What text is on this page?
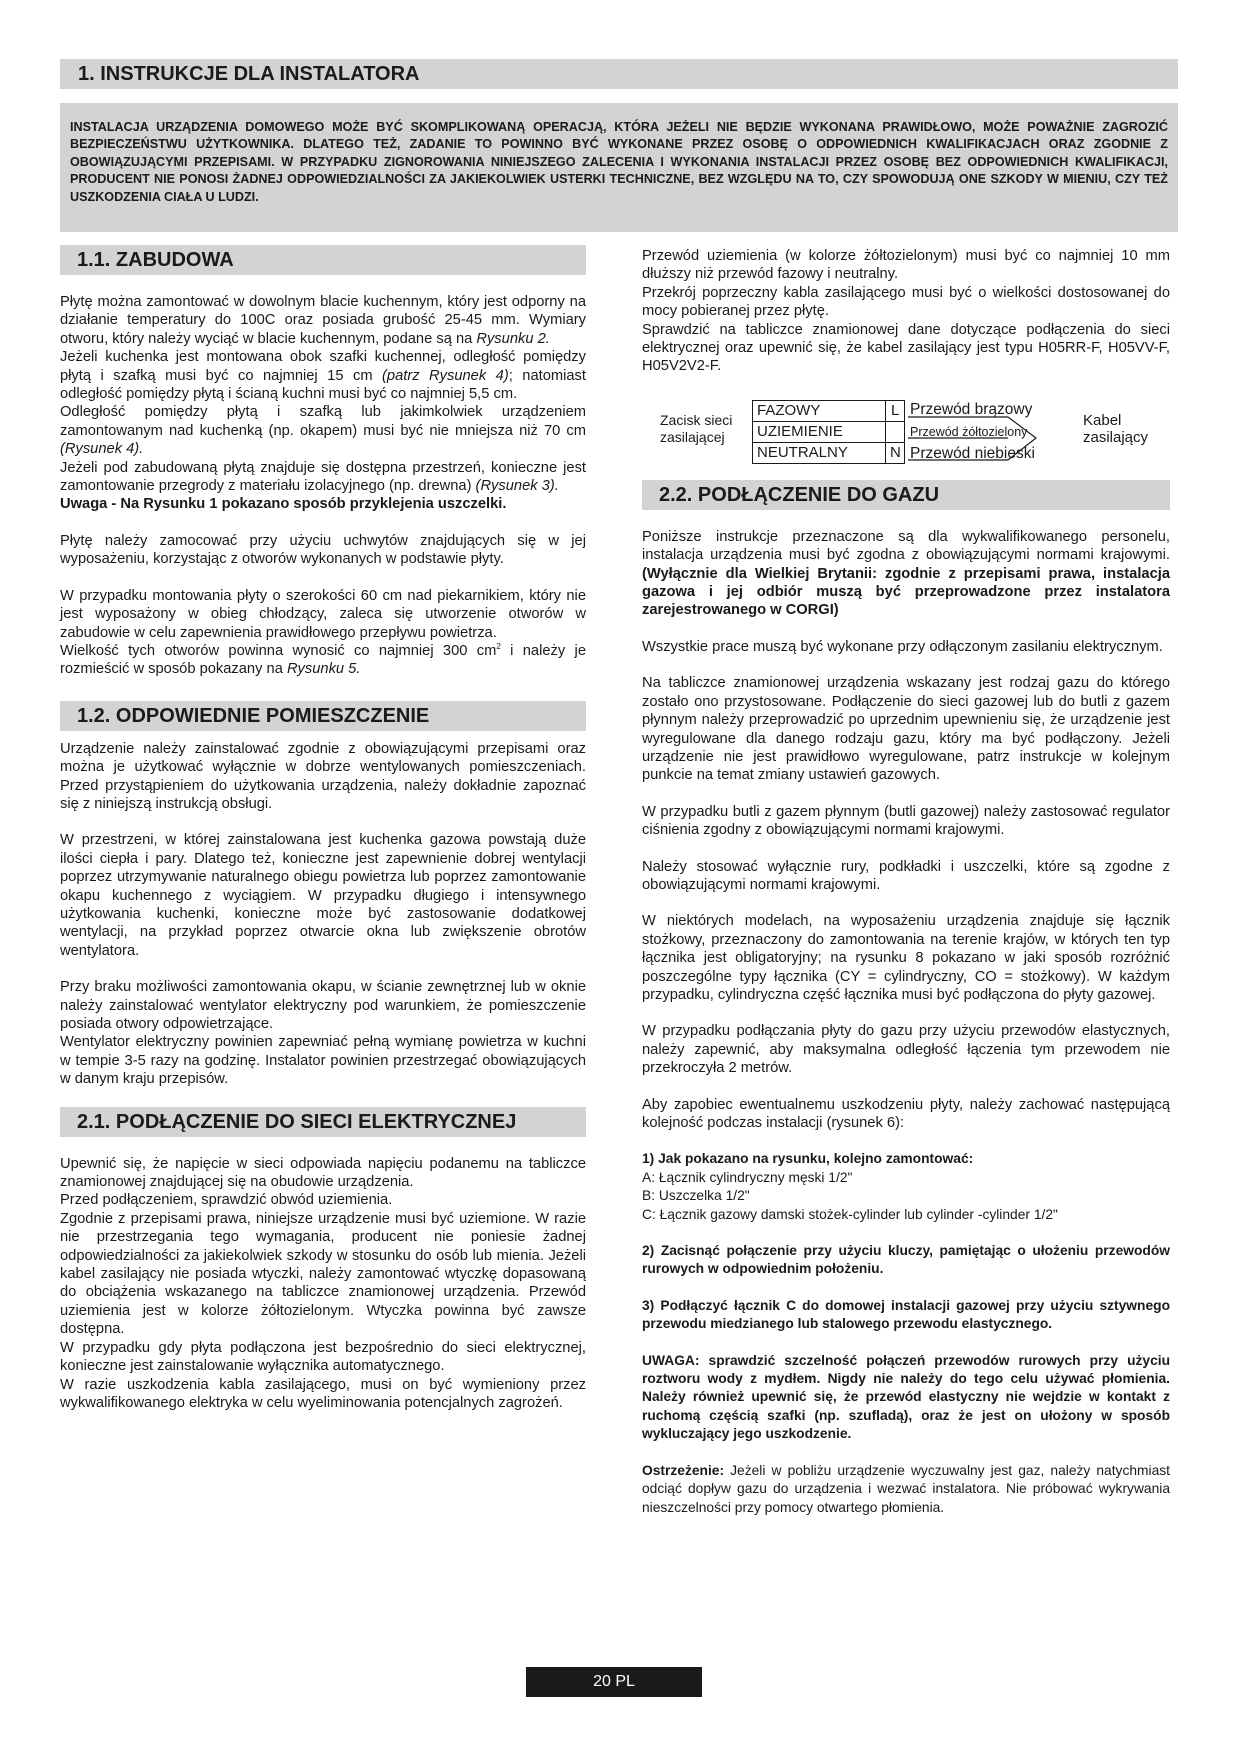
1. INSTRUKCJE DLA INSTALATORA
INSTALACJA URZĄDZENIA DOMOWEGO MOŻE BYĆ SKOMPLIKOWANĄ OPERACJĄ, KTÓRA JEŻELI NIE BĘDZIE WYKONANA PRAWIDŁOWO, MOŻE POWAŻNIE ZAGROZIĆ BEZPIECZEŃSTWU UŻYTKOWNIKA. DLATEGO TEŻ, ZADANIE TO POWINNO BYĆ WYKONANE PRZEZ OSOBĘ O ODPOWIEDNICH KWALIFIKACJACH ORAZ ZGODNIE Z OBOWIĄZUJĄCYMI PRZEPISAMI. W PRZYPADKU ZIGNOROWANIA NINIEJSZEGO ZALECENIA I WYKONANIA INSTALACJI PRZEZ OSOBĘ BEZ ODPOWIEDNICH KWALIFIKACJI, PRODUCENT NIE PONOSI ŻADNEJ ODPOWIEDZIALNOŚCI ZA JAKIEKOLWIEK USTERKI TECHNICZNE, BEZ WZGLĘDU NA TO, CZY SPOWODUJĄ ONE SZKODY W MIENIU, CZY TEŻ USZKODZENIA CIAŁA U LUDZI.
1.1. ZABUDOWA

Płytę można zamontować w dowolnym blacie kuchennym, który jest odporny na działanie temperatury do 100C oraz posiada grubość 25-45 mm. Wymiary otworu, który należy wyciąć w blacie kuchennym, podane są na Rysunku 2.

Jeżeli kuchenka jest montowana obok szafki kuchennej, odległość pomiędzy płytą i szafką musi być co najmniej 15 cm (patrz Rysunek 4); natomiast odległość pomiędzy płytą i ścianą kuchni musi być co najmniej 5,5 cm.

Odległość pomiędzy płytą i szafką lub jakimkolwiek urządzeniem zamontowanym nad kuchenką (np. okapem) musi być nie mniejsza niż 70 cm (Rysunek 4).

Jeżeli pod zabudowaną płytą znajduje się dostępna przestrzeń, konieczne jest zamontowanie przegrody z materiału izolacyjnego (np. drewna) (Rysunek 3).

Uwaga - Na Rysunku 1 pokazano sposób przyklejenia uszczelki.

Płytę należy zamocować przy użyciu uchwytów znajdujących się w jej wyposażeniu, korzystając z otworów wykonanych w podstawie płyty.

W przypadku montowania płyty o szerokości 60 cm nad piekarnikiem, który nie jest wyposażony w obieg chłodzący, zaleca się utworzenie otworów w zabudowie w celu zapewnienia prawidłowego przepływu powietrza.

Wielkość tych otworów powinna wynosić co najmniej 300 $cm^2$ i należy je rozmieścić w sposób pokazany na Rysunku 5.

1.2. ODPOWIEDNIE POMIESZCZENIE

Urządzenie należy zainstalować zgodnie z obowiązującymi przepisami oraz można je użytkować wyłącznie w dobrze wentylowanych pomieszczeniach. Przed przystąpieniem do użytkowania urządzenia, należy dokładnie zapoznać się z niniejszą instrukcją obsługi.

W przestrzeni, w której zainstalowana jest kuchenka gazowa powstają duże ilości ciepła i pary. Dlatego też, konieczne jest zapewnienie dobrej wentylacji poprzez utrzymywanie naturalnego obiegu powietrza lub poprzez zamontowanie okapu kuchennego z wyciągiem. W przypadku długiego i intensywnego użytkowania kuchenki, konieczne może być zastosowanie dodatkowej wentylacji, na przykład poprzez otwarcie okna lub zwiększenie obrotów wentylatora.

Przy braku możliwości zamontowania okapu, w ścianie zewnętrznej lub w oknie należy zainstalować wentylator elektryczny pod warunkiem, że pomieszczenie posiada otwory odpowietrzające.

Wentylator elektryczny powinien zapewniać pełną wymianę powietrza w kuchni w tempie 3-5 razy na godzinę. Instalator powinien przestrzegać obowiązujących w danym kraju przepisów.

2.1. PODŁĄCZENIE DO SIECI ELEKTRYCZNEJ

Upewnić się, że napięcie w sieci odpowiada napięciu podanemu na tabliczce znamionowej znajdującej się na obudowie urządzenia.

Przed podłączeniem, sprawdzić obwód uziemienia.

Zgodnie z przepisami prawa, niniejsze urządzenie musi być uziemione. W razie nie przestrzegania tego wymagania, producent nie poniesie żadnej odpowiedzialności za jakiekolwiek szkody w stosunku do osób lub mienia. Jeżeli kabel zasilający nie posiada wtyczki, należy zamontować wtyczkę dopasowaną do obciążenia wskazanego na tabliczce znamionowej urządzenia. Przewód uziemienia jest w kolorze żółtozielonym. Wtyczka powinna być zawsze dostępna.

W przypadku gdy płyta podłączona jest bezpośrednio do sieci elektrycznej, konieczne jest zainstalowanie wyłącznika automatycznego.

W razie uszkodzenia kabla zasilającego, musi on być wymieniony przez wykwalifikowanego elektryka w celu wyeliminowania potencjalnych zagrożeń.

Przewód uziemienia (w kolorze żółtozielonym) musi być co najmniej 10 mm dłuższy niż przewód fazowy i neutralny.

Przekrój poprzeczny kabla zasilającego musi być o wielkości dostosowanej do mocy pobieranej przez płytę.

Sprawdzić na tabliczce znamionowej dane dotyczące podłączenia do sieci elektrycznej oraz upewnić się, że kabel zasilający jest typu H05RR-F, H05VV-F, H05V2V2-F.

Zacisk sieci
zasilającej
FAZOWY
UZIEMIENIE
NEUTRALNY
L
N
Przewód brązowy
Przewód żółtozielony
Przewód niebieski
Kabel
zasilający
2.2. PODŁĄCZENIE DO GAZU

Poniższe instrukcje przeznaczone są dla wykwalifikowanego personelu, instalacja urządzenia musi być zgodna z obowiązującymi normami krajowymi. (Wyłącznie dla Wielkiej Brytanii: zgodnie z przepisami prawa, instalacja gazowa i jej odbiór muszą być przeprowadzone przez instalatora zarejestrowanego w CORGI)

Wszystkie prace muszą być wykonane przy odłączonym zasilaniu elektrycznym.

Na tabliczce znamionowej urządzenia wskazany jest rodzaj gazu do którego zostało ono przystosowane. Podłączenie do sieci gazowej lub do butli z gazem płynnym należy przeprowadzić po uprzednim upewnieniu się, że urządzenie jest wyregulowane dla danego rodzaju gazu, który ma być podłączony. Jeżeli urządzenie nie jest prawidłowo wyregulowane, patrz instrukcje w kolejnym punkcie na temat zmiany ustawień gazowych.

W przypadku butli z gazem płynnym (butli gazowej) należy zastosować regulator ciśnienia zgodny z obowiązującymi normami krajowymi.

Należy stosować wyłącznie rury, podkładki i uszczelki, które są zgodne z obowiązującymi normami krajowymi.

W niektórych modelach, na wyposażeniu urządzenia znajduje się łącznik stożkowy, przeznaczony do zamontowania na terenie krajów, w których ten typ łącznika jest obligatoryjny; na rysunku 8 pokazano w jaki sposób rozróżnić poszczególne typy łącznika (CY = cylindryczny, CO = stożkowy). W każdym przypadku, cylindryczna część łącznika musi być podłączona do płyty gazowej.

W przypadku podłączania płyty do gazu przy użyciu przewodów elastycznych, należy zapewnić, aby maksymalna odległość łączenia tym przewodem nie przekroczyła 2 metrów.

Aby zapobiec ewentualnemu uszkodzeniu płyty, należy zachować następującą kolejność podczas instalacji (rysunek 6):

1) Jak pokazano na rysunku, kolejno zamontować:

A: Łącznik cylindryczny męski 1/2"

B: Uszczelka 1/2"

C: Łącznik gazowy damski stożek-cylinder lub cylinder -cylinder 1/2"

2) Zacisnąć połączenie przy użyciu kluczy, pamiętając o ułożeniu przewodów rurowych w odpowiednim położeniu.

3) Podłączyć łącznik C do domowej instalacji gazowej przy użyciu sztywnego przewodu miedzianego lub stalowego przewodu elastycznego.

UWAGA: sprawdzić szczelność połączeń przewodów rurowych przy użyciu roztworu wody z mydłem. Nigdy nie należy do tego celu używać płomienia. Należy również upewnić się, że przewód elastyczny nie wejdzie w kontakt z ruchomą częścią szafki (np. szufladą), oraz że jest on ułożony w sposób wykluczający jego uszkodzenie.

Ostrzeżenie: Jeżeli w pobliżu urządzenie wyczuwalny jest gaz, należy natychmiast odciąć dopływ gazu do urządzenia i wezwać instalatora. Nie próbować wykrywania nieszczelności przy pomocy otwartego płomienia.

20 PL
